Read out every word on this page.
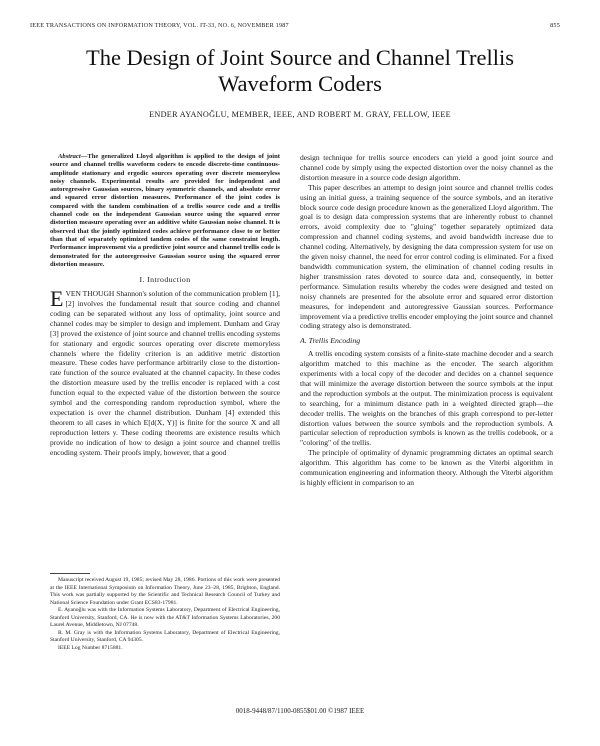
IEEE TRANSACTIONS ON INFORMATION THEORY, VOL. IT-33, NO. 6, NOVEMBER 1987	855
The Design of Joint Source and Channel Trellis Waveform Coders
ENDER AYANOĞLU, MEMBER, IEEE, AND ROBERT M. GRAY, FELLOW, IEEE
Abstract—The generalized Lloyd algorithm is applied to the design of joint source and channel trellis waveform coders to encode discrete-time continuous-amplitude stationary and ergodic sources operating over discrete memoryless noisy channels. Experimental results are provided for independent and autoregressive Gaussian sources, binary symmetric channels, and absolute error and squared error distortion measures. Performance of the joint codes is compared with the tandem combination of a trellis source code and a trellis channel code on the independent Gaussian source using the squared error distortion measure operating over an additive white Gaussian noise channel. It is observed that the jointly optimized codes achieve performance close to or better than that of separately optimized tandem codes of the same constraint length. Performance improvement via a predictive joint source and channel trellis code is demonstrated for the autoregressive Gaussian source using the squared error distortion measure.
I. Introduction
EVEN THOUGH Shannon's solution of the communication problem [1], [2] involves the fundamental result that source coding and channel coding can be separated without any loss of optimality, joint source and channel codes may be simpler to design and implement. Dunham and Gray [3] proved the existence of joint source and channel trellis encoding systems for stationary and ergodic sources operating over discrete memoryless channels where the fidelity criterion is an additive metric distortion measure. These codes have performance arbitrarily close to the distortion-rate function of the source evaluated at the channel capacity. In these codes the distortion measure used by the trellis encoder is replaced with a cost function equal to the expected value of the distortion between the source symbol and the corresponding random reproduction symbol, where the expectation is over the channel distribution. Dunham [4] extended this theorem to all cases in which E[d(X, Y)] is finite for the source X and all reproduction letters y. These coding theorems are existence results which provide no indication of how to design a joint source and channel trellis encoding system. Their proofs imply, however, that a good

Manuscript received August 19, 1985; revised May 28, 1986. Portions of this work were presented at the IEEE International Symposium on Information Theory, June 23–28, 1985, Brighton, England. This work was partially supported by the Scientific and Technical Research Council of Turkey and National Science Foundation under Grant ECS83-17981.

E. Ayanoğlu was with the Information Systems Laboratory, Department of Electrical Engineering, Stanford University, Stanford, CA. He is now with the AT&T Information Systems Laboratories, 200 Laurel Avenue, Middletown, NJ 07748.

R. M. Gray is with the Information Systems Laboratory, Department of Electrical Engineering, Stanford University, Stanford, CA 94305.

IEEE Log Number 8715881.

design technique for trellis source encoders can yield a good joint source and channel code by simply using the expected distortion over the noisy channel as the distortion measure in a source code design algorithm.

This paper describes an attempt to design joint source and channel trellis codes using an initial guess, a training sequence of the source symbols, and an iterative block source code design procedure known as the generalized Lloyd algorithm. The goal is to design data compression systems that are inherently robust to channel errors, avoid complexity due to "gluing" together separately optimized data compression and channel coding systems, and avoid bandwidth increase due to channel coding. Alternatively, by designing the data compression system for use on the given noisy channel, the need for error control coding is eliminated. For a fixed bandwidth communication system, the elimination of channel coding results in higher transmission rates devoted to source data and, consequently, in better performance. Simulation results whereby the codes were designed and tested on noisy channels are presented for the absolute error and squared error distortion measures, for independent and autoregressive Gaussian sources. Performance improvement via a predictive trellis encoder employing the joint source and channel coding strategy also is demonstrated.

A. Trellis Encoding

A trellis encoding system consists of a finite-state machine decoder and a search algorithm matched to this machine as the encoder. The search algorithm experiments with a local copy of the decoder and decides on a channel sequence that will minimize the average distortion between the source symbols at the input and the reproduction symbols at the output. The minimization process is equivalent to searching, for a minimum distance path in a weighted directed graph—the decoder trellis. The weights on the branches of this graph correspond to per-letter distortion values between the source symbols and the reproduction symbols. A particular selection of reproduction symbols is known as the trellis codebook, or a "coloring" of the trellis.

The principle of optimality of dynamic programming dictates an optimal search algorithm. This algorithm has come to be known as the Viterbi algorithm in communication engineering and information theory. Although the Viterbi algorithm is highly efficient in comparison to an

0018-9448/87/1100-0855$01.00 ©1987 IEEE
